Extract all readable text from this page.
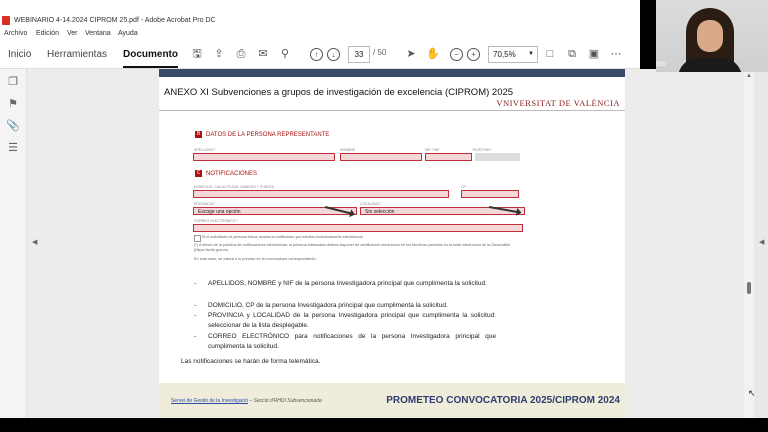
WEBINARIO 4-14.2024 CIPROM 25.pdf - Adobe Acrobat Pro DC
Archivo Edición Ver Ventana Ayuda
Inicio Herramientas Documento 🖫 ⇪ ⎙ ✉ ⚲	↑	↓	➤ ✋	−	+	□	⧉ ▣ ⋯
33	/ 50	70,5% ▼
❐
⚑
📎
☰
◀
ANEXO XI Subvenciones a grupos de investigación de excelencia (CIPROM) 2025
VNIVERSITAT DE VALÈNCIA
B DATOS DE LA PERSONA REPRESENTANTE
APELLIDOS *	NOMBRE	NIF / NIE	TELÉFONO
C NOTIFICACIONES
DOMICILIO: CALLE/ PLAZA, NÚMERO Y PUERTA	CP
PROVINCIA *	LOCALIDAD *
Escoge una opción	Sin selección
CORREO ELECTRÓNICO *
Si el solicitante es persona física, acepta la notificación por medios exclusivamente electrónicos
(*) A efecto de la práctica de notificaciones electrónicas, la persona interesada deberá disponer de certificación electrónica en los términos previstos en la sede electrónica de la Generalitat (https://sede.gva.es)
En todo caso, se estará a lo previsto en la convocatoria correspondiente.
-	APELLIDOS, NOMBRE y NIF de la persona Investigadora principal que cumplimenta la solicitud.
-	DOMICILIO, CP de la persona Investigadora principal que cumplimenta la solicitud.
-	PROVINCIA y LOCALIDAD de la persona Investigadora principal que cumplimenta la solicitud: seleccionar de la lista desplegable.
-	CORREO ELECTRÓNICO para notificaciones de la persona Investigadora principal que cumplimenta la solicitud.
Las notificaciones se harán de forma telemática.
Servei de Gestió de la Investigació – Secció d'RHDI Subvencionada	PROMETEO CONVOCATORIA 2025/CIPROM 2024
▲
◀
SGI
↖
